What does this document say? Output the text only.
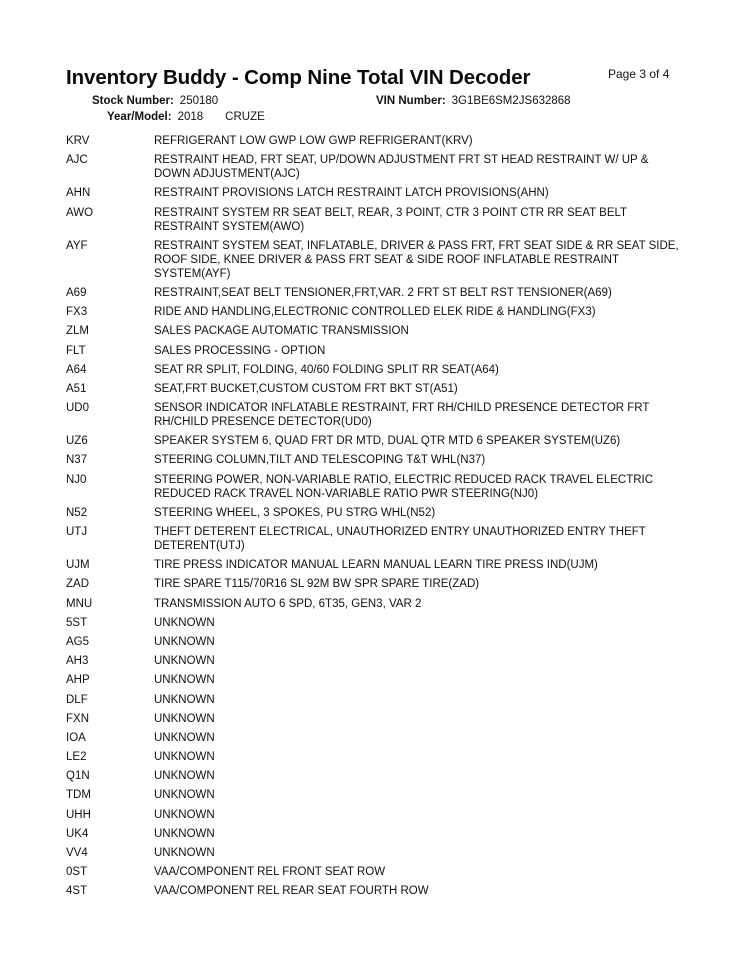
Inventory Buddy - Comp Nine Total VIN Decoder	Page 3 of 4
Stock Number: 250180	VIN Number: 3G1BE6SM2JS632868
Year/Model: 2018 CRUZE
KRV	REFRIGERANT LOW GWP LOW GWP REFRIGERANT(KRV)
AJC	RESTRAINT HEAD, FRT SEAT, UP/DOWN ADJUSTMENT FRT ST HEAD RESTRAINT W/ UP & DOWN ADJUSTMENT(AJC)
AHN	RESTRAINT PROVISIONS LATCH RESTRAINT LATCH PROVISIONS(AHN)
AWO	RESTRAINT SYSTEM RR SEAT BELT, REAR, 3 POINT, CTR 3 POINT CTR RR SEAT BELT RESTRAINT SYSTEM(AWO)
AYF	RESTRAINT SYSTEM SEAT, INFLATABLE, DRIVER & PASS FRT, FRT SEAT SIDE & RR SEAT SIDE, ROOF SIDE, KNEE DRIVER & PASS FRT SEAT & SIDE ROOF INFLATABLE RESTRAINT SYSTEM(AYF)
A69	RESTRAINT,SEAT BELT TENSIONER,FRT,VAR. 2 FRT ST BELT RST TENSIONER(A69)
FX3	RIDE AND HANDLING,ELECTRONIC CONTROLLED ELEK RIDE & HANDLING(FX3)
ZLM	SALES PACKAGE AUTOMATIC TRANSMISSION
FLT	SALES PROCESSING - OPTION
A64	SEAT RR SPLIT, FOLDING, 40/60 FOLDING SPLIT RR SEAT(A64)
A51	SEAT,FRT BUCKET,CUSTOM CUSTOM FRT BKT ST(A51)
UD0	SENSOR INDICATOR INFLATABLE RESTRAINT, FRT RH/CHILD PRESENCE DETECTOR FRT RH/CHILD PRESENCE DETECTOR(UD0)
UZ6	SPEAKER SYSTEM 6, QUAD FRT DR MTD, DUAL QTR MTD 6 SPEAKER SYSTEM(UZ6)
N37	STEERING COLUMN,TILT AND TELESCOPING T&T WHL(N37)
NJ0	STEERING POWER, NON-VARIABLE RATIO, ELECTRIC REDUCED RACK TRAVEL ELECTRIC REDUCED RACK TRAVEL NON-VARIABLE RATIO PWR STEERING(NJ0)
N52	STEERING WHEEL, 3 SPOKES, PU STRG WHL(N52)
UTJ	THEFT DETERENT ELECTRICAL, UNAUTHORIZED ENTRY UNAUTHORIZED ENTRY THEFT DETERENT(UTJ)
UJM	TIRE PRESS INDICATOR MANUAL LEARN MANUAL LEARN TIRE PRESS IND(UJM)
ZAD	TIRE SPARE T115/70R16 SL 92M BW SPR SPARE TIRE(ZAD)
MNU	TRANSMISSION AUTO 6 SPD, 6T35, GEN3, VAR 2
5ST	UNKNOWN
AG5	UNKNOWN
AH3	UNKNOWN
AHP	UNKNOWN
DLF	UNKNOWN
FXN	UNKNOWN
IOA	UNKNOWN
LE2	UNKNOWN
Q1N	UNKNOWN
TDM	UNKNOWN
UHH	UNKNOWN
UK4	UNKNOWN
VV4	UNKNOWN
0ST	VAA/COMPONENT REL FRONT SEAT ROW
4ST	VAA/COMPONENT REL REAR SEAT FOURTH ROW
